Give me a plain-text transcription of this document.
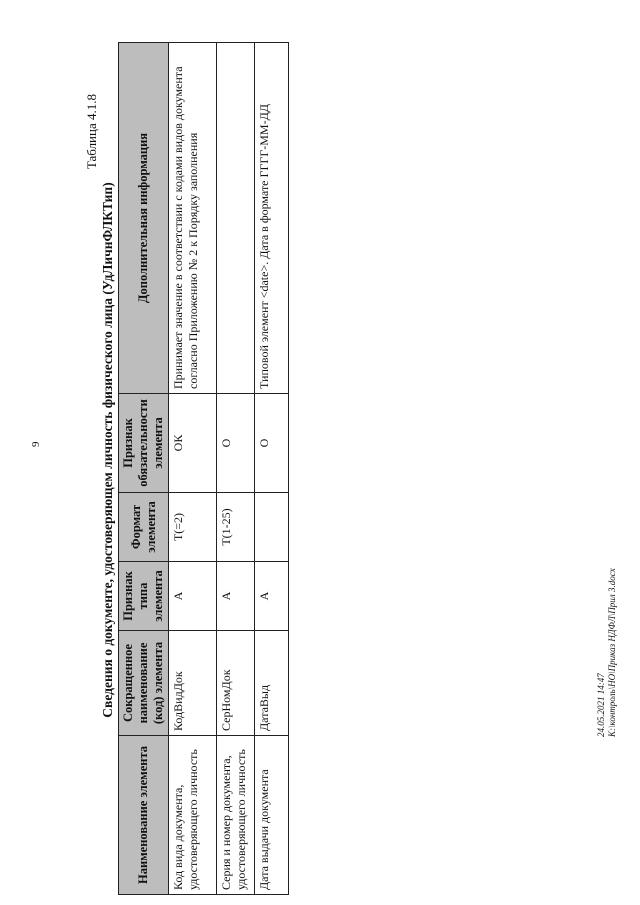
9
Таблица 4.1.8
Сведения о документе, удостоверяющем личность физического лица (УдЛичнФЛКТип)
Наименование элемента	Сокращенное наименование (код) элемента	Признак типа элемента	Формат элемента	Признак обязательности элемента	Дополнительная информация
Код вида документа, удостоверяющего личность	КодВидДок	А	T(=2)	ОК	Принимает значение в соответствии с кодами видов документа согласно Приложению № 2 к Порядку заполнения
Серия и номер документа, удостоверяющего личность	СерНомДок	А	T(1-25)	О	
Дата выдачи документа	ДатаВыд	А		О	Типовой элемент <date>. Дата в формате ГГГГ-ММ-ДД
24.05.2021 14:47 К:\контроль\НО\Приказ НДФЛ\Прил 3.docx
